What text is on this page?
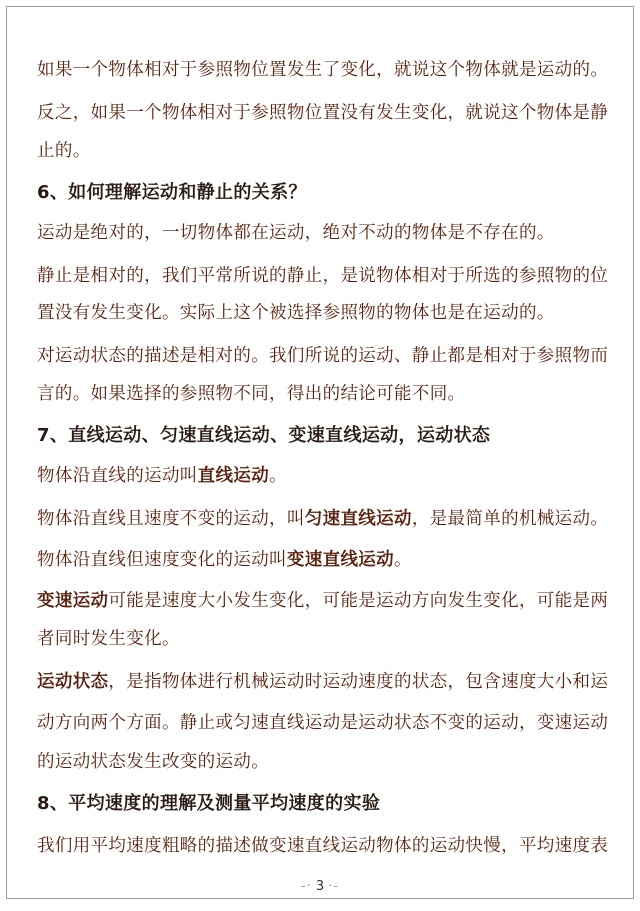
如果一个物体相对于参照物位置发生了变化，就说这个物体就是运动的。
反之，如果一个物体相对于参照物位置没有发生变化，就说这个物体是静
止的。
6、如何理解运动和静止的关系？
运动是绝对的，一切物体都在运动，绝对不动的物体是不存在的。
静止是相对的，我们平常所说的静止，是说物体相对于所选的参照物的位
置没有发生变化。实际上这个被选择参照物的物体也是在运动的。
对运动状态的描述是相对的。我们所说的运动、静止都是相对于参照物而
言的。如果选择的参照物不同，得出的结论可能不同。
7、直线运动、匀速直线运动、变速直线运动，运动状态
物体沿直线的运动叫直线运动。
物体沿直线且速度不变的运动，叫匀速直线运动，是最简单的机械运动。
物体沿直线但速度变化的运动叫变速直线运动。
变速运动可能是速度大小发生变化，可能是运动方向发生变化，可能是两
者同时发生变化。
运动状态，是指物体进行机械运动时运动速度的状态，包含速度大小和运
动方向两个方面。静止或匀速直线运动是运动状态不变的运动，变速运动
的运动状态发生改变的运动。
8、平均速度的理解及测量平均速度的实验
我们用平均速度粗略的描述做变速直线运动物体的运动快慢，平均速度表
-· 3 ·-
